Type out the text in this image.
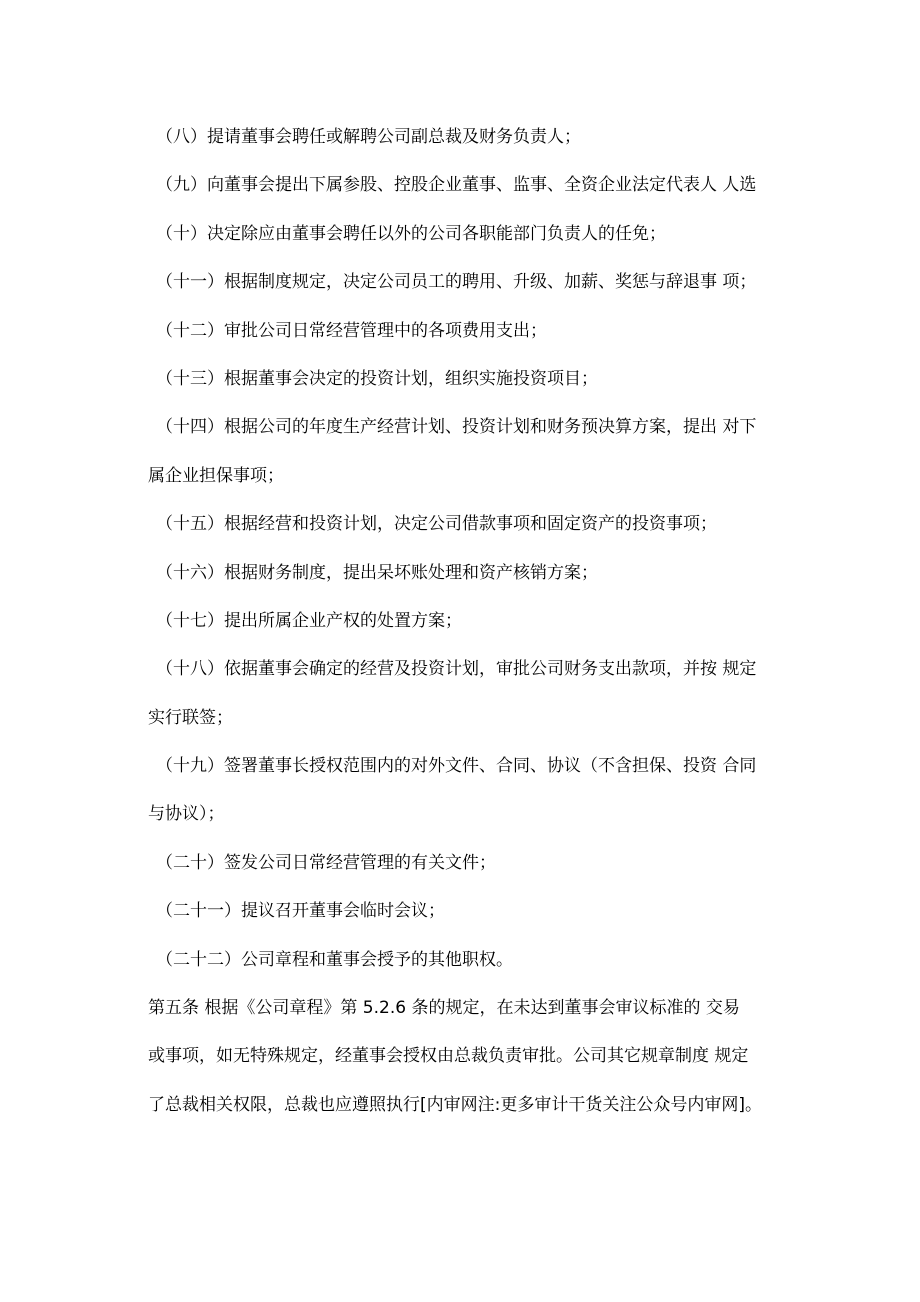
（八）提请董事会聘任或解聘公司副总裁及财务负责人；
（九）向董事会提出下属参股、控股企业董事、监事、全资企业法定代表人 人选
（十）决定除应由董事会聘任以外的公司各职能部门负责人的任免；
（十一）根据制度规定，决定公司员工的聘用、升级、加薪、奖惩与辞退事 项；
（十二）审批公司日常经营管理中的各项费用支出；
（十三）根据董事会决定的投资计划，组织实施投资项目；
（十四）根据公司的年度生产经营计划、投资计划和财务预决算方案，提出 对下
属企业担保事项；
（十五）根据经营和投资计划，决定公司借款事项和固定资产的投资事项；
（十六）根据财务制度，提出呆坏账处理和资产核销方案；
（十七）提出所属企业产权的处置方案；
（十八）依据董事会确定的经营及投资计划，审批公司财务支出款项，并按 规定
实行联签；
（十九）签署董事长授权范围内的对外文件、合同、协议（不含担保、投资 合同
与协议）；
（二十）签发公司日常经营管理的有关文件；
（二十一）提议召开董事会临时会议；
（二十二）公司章程和董事会授予的其他职权。
第五条 根据《公司章程》第 5.2.6 条的规定，在未达到董事会审议标准的 交易
或事项，如无特殊规定，经董事会授权由总裁负责审批。公司其它规章制度 规定
了总裁相关权限，总裁也应遵照执行[内审网注:更多审计干货关注公众号内审网]。
